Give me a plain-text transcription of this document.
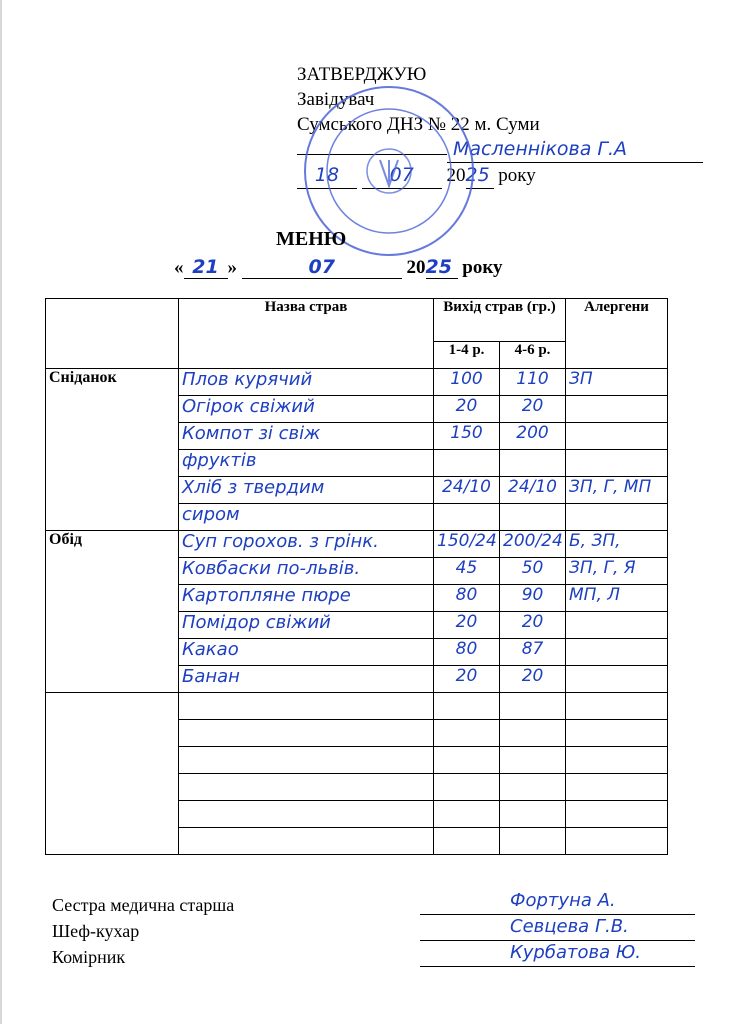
ЗАТВЕРДЖУЮ
Завідувач
Сумського ДНЗ № 22 м. Суми
Масленнікова Г.А
18	07 2025 року
МЕНЮ
« 21 »	07	2025 року
	Назва страв	Вихід страв (гр.)		Алергени
		1-4 р.	4-6 р.	
Сніданок	Плов курячий	100	110	ЗП
	Огірок свіжий	20	20	
	Компот зі свіж	150	200	
	фруктів			
	Хліб з твердим	24/10	24/10	ЗП, Г, МП
	сиром			
Обід	Суп горохов. з грінк.	150/24	200/24	Б, ЗП,
	Ковбаски по-львів.	45	50	ЗП, Г, Я
	Картопляне пюре	80	90	МП, Л
	Помідор свіжий	20	20	
	Какао	80	87	
	Банан	20	20	

Сестра медична старша
Шеф-кухар
Комірник
Фортуна А.
Севцева Г.В.
Курбатова Ю.
